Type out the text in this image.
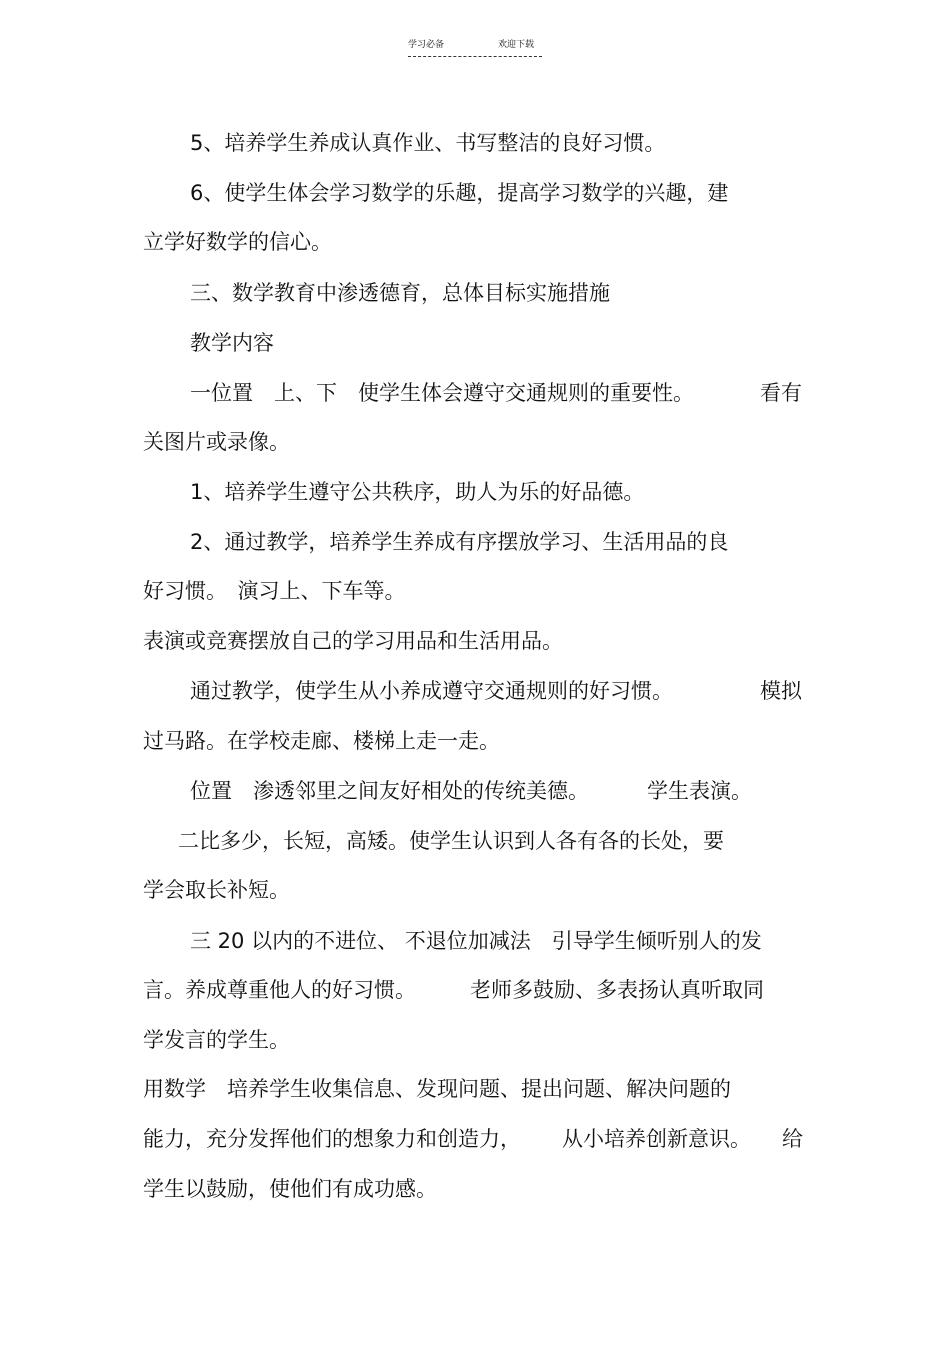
学习必备	欢迎下载
5、培养学生养成认真作业、书写整洁的良好习惯。
6、使学生体会学习数学的乐趣，提高学习数学的兴趣，建
立学好数学的信心。
三、数学教育中渗透德育，总体目标实施措施
教学内容
一位置　上、下　使学生体会遵守交通规则的重要性。	看有
关图片或录像。
1、培养学生遵守公共秩序，助人为乐的好品德。
2、通过教学，培养学生养成有序摆放学习、生活用品的良
好习惯。　演习上、下车等。
表演或竞赛摆放自己的学习用品和生活用品。
通过教学，使学生从小养成遵守交通规则的好习惯。	模拟
过马路。在学校走廊、楼梯上走一走。
位置　渗透邻里之间友好相处的传统美德。	学生表演。
二比多少，长短，高矮。使学生认识到人各有各的长处，要
学会取长补短。
三 20 以内的不进位、 不退位加减法　引导学生倾听别人的发
言。养成尊重他人的好习惯。	老师多鼓励、多表扬认真听取同
学发言的学生。
用数学　培养学生收集信息、发现问题、提出问题、解决问题的
能力，充分发挥他们的想象力和创造力， 从小培养创新意识。 给
学生以鼓励，使他们有成功感。
